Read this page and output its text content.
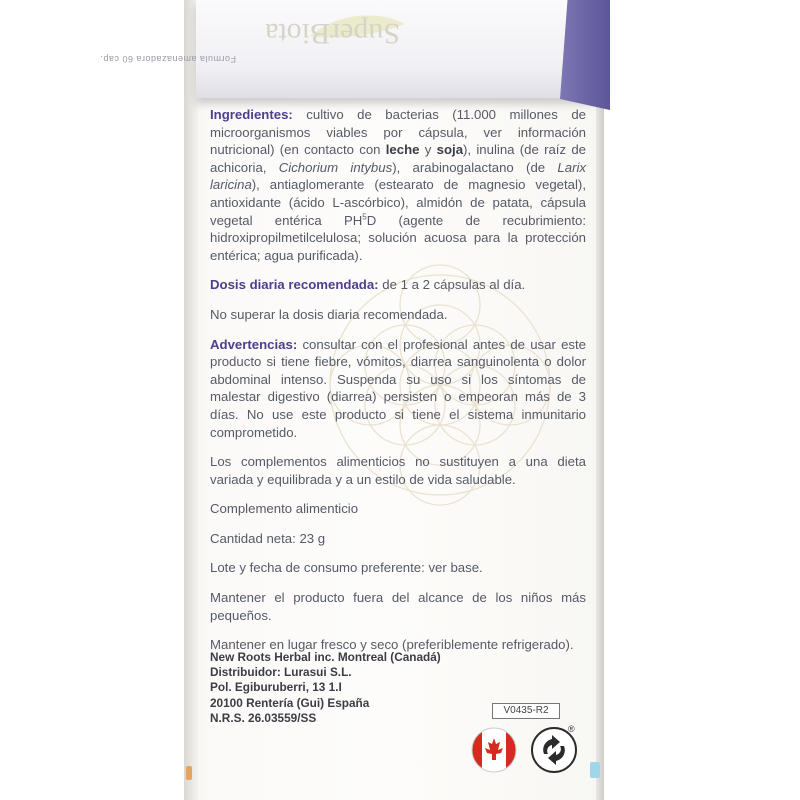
Formula amenazadora 60 cap.
SuperBiota

Ingredientes: cultivo de bacterias (11.000 millones de microorganismos viables por cápsula, ver información nutricional) (en contacto con leche y soja), inulina (de raíz de achicoria, Cichorium intybus), arabinogalactano (de Larix laricina), antiaglomerante (estearato de magnesio vegetal), antioxidante (ácido L-ascórbico), almidón de patata, cápsula vegetal entérica $PH^5D$ (agente de recubrimiento: hidroxipropilmetilcelulosa; solución acuosa para la protección entérica; agua purificada).

Dosis diaria recomendada: de 1 a 2 cápsulas al día.

No superar la dosis diaria recomendada.

Advertencias: consultar con el profesional antes de usar este producto si tiene fiebre, vómitos, diarrea sanguinolenta o dolor abdominal intenso. Suspenda su uso si los síntomas de malestar digestivo (diarrea) persisten o empeoran más de 3 días. No use este producto si tiene el sistema inmunitario comprometido.

Los complementos alimenticios no sustituyen a una dieta variada y equilibrada y a un estilo de vida saludable.

Complemento alimenticio

Cantidad neta: 23 g

Lote y fecha de consumo preferente: ver base.

Mantener el producto fuera del alcance de los niños más pequeños.

Mantener en lugar fresco y seco (preferiblemente refrigerado).

New Roots Herbal inc. Montreal (Canadá)
Distribuidor: Lurasui S.L.
Pol. Egiburuberri, 13 1.I
20100 Rentería (Gui) España
N.R.S. 26.03559/SS
V0435-R2
®
